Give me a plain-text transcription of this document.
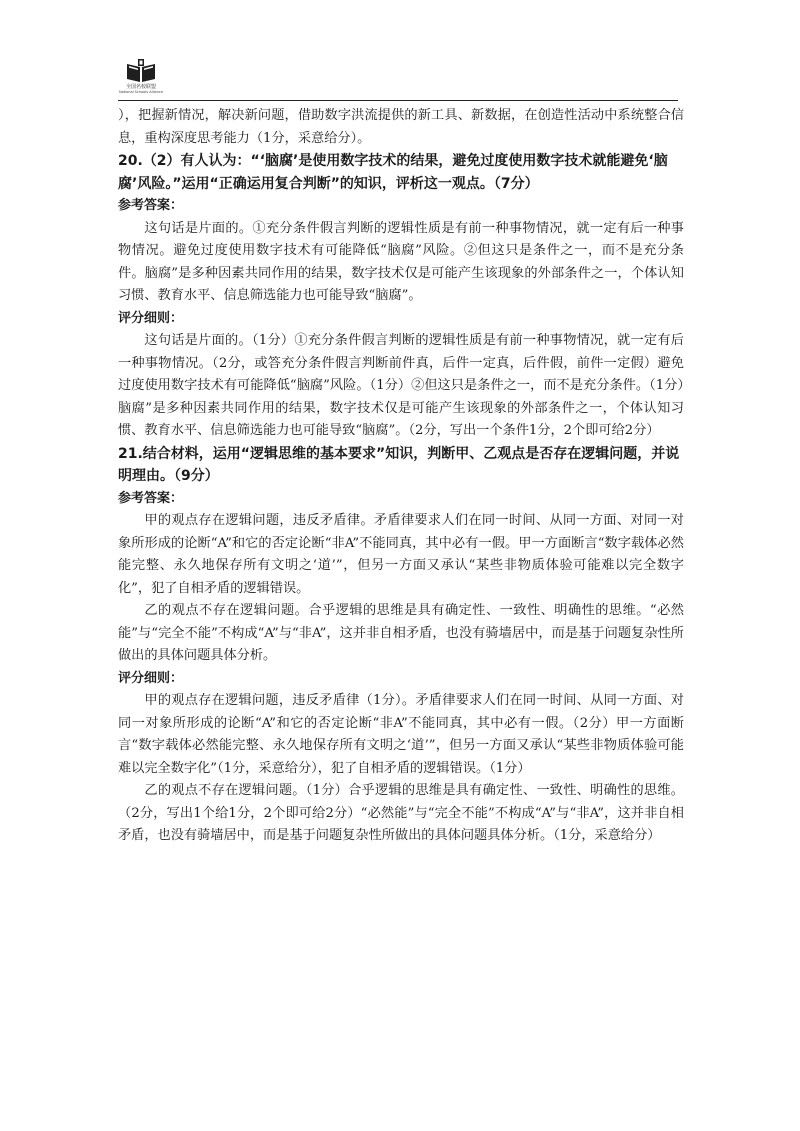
全国名校联盟
National Schools Alliance

），把握新情况，解决新问题，借助数字洪流提供的新工具、新数据，在创造性活动中系统整合信息，重构深度思考能力（1分，采意给分）。

20.（2）有人认为：“‘脑腐’是使用数字技术的结果，避免过度使用数字技术就能避免‘脑腐’风险。”运用“正确运用复合判断”的知识，评析这一观点。（7分）

参考答案：

这句话是片面的。①充分条件假言判断的逻辑性质是有前一种事物情况，就一定有后一种事物情况。避免过度使用数字技术有可能降低“脑腐”风险。②但这只是条件之一，而不是充分条件。脑腐”是多种因素共同作用的结果，数字技术仅是可能产生该现象的外部条件之一，个体认知习惯、教育水平、信息筛选能力也可能导致“脑腐”。

评分细则：

这句话是片面的。（1分）①充分条件假言判断的逻辑性质是有前一种事物情况，就一定有后一种事物情况。（2分，或答充分条件假言判断前件真，后件一定真，后件假，前件一定假）避免过度使用数字技术有可能降低“脑腐”风险。（1分）②但这只是条件之一，而不是充分条件。（1分）脑腐”是多种因素共同作用的结果，数字技术仅是可能产生该现象的外部条件之一，个体认知习惯、教育水平、信息筛选能力也可能导致“脑腐”。（2分，写出一个条件1分，2个即可给2分）

21.结合材料，运用“逻辑思维的基本要求”知识，判断甲、乙观点是否存在逻辑问题，并说明理由。（9分）

参考答案：

甲的观点存在逻辑问题，违反矛盾律。矛盾律要求人们在同一时间、从同一方面、对同一对象所形成的论断“A”和它的否定论断“非A”不能同真，其中必有一假。甲一方面断言“数字载体必然能完整、永久地保存所有文明之‘道’”，但另一方面又承认“某些非物质体验可能难以完全数字化”，犯了自相矛盾的逻辑错误。

乙的观点不存在逻辑问题。合乎逻辑的思维是具有确定性、一致性、明确性的思维。“必然能”与“完全不能”不构成“A”与“非A”，这并非自相矛盾，也没有骑墙居中，而是基于问题复杂性所做出的具体问题具体分析。

评分细则：

甲的观点存在逻辑问题，违反矛盾律（1分）。矛盾律要求人们在同一时间、从同一方面、对同一对象所形成的论断“A”和它的否定论断“非A”不能同真，其中必有一假。（2分）甲一方面断言“数字载体必然能完整、永久地保存所有文明之‘道’”，但另一方面又承认“某些非物质体验可能难以完全数字化”（1分，采意给分），犯了自相矛盾的逻辑错误。（1分）

乙的观点不存在逻辑问题。（1分）合乎逻辑的思维是具有确定性、一致性、明确性的思维。（2分，写出1个给1分，2个即可给2分）“必然能”与“完全不能”不构成“A”与“非A”，这并非自相矛盾，也没有骑墙居中，而是基于问题复杂性所做出的具体问题具体分析。（1分，采意给分）
